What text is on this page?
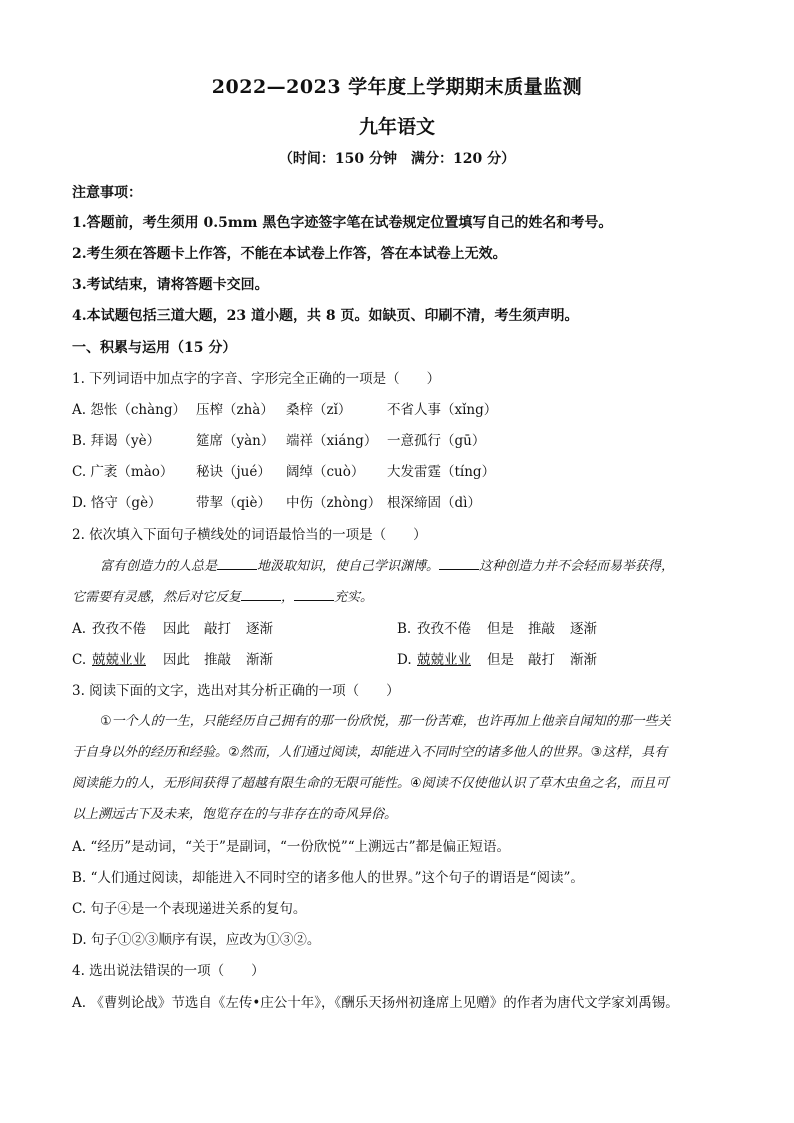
2022—2023 学年度上学期期末质量监测
九年语文
（时间：150 分钟　满分：120 分）
注意事项：
1.答题前，考生须用 0.5mm 黑色字迹签字笔在试卷规定位置填写自己的姓名和考号。
2.考生须在答题卡上作答，不能在本试卷上作答，答在本试卷上无效。
3.考试结束，请将答题卡交回。
4.本试题包括三道大题，23 道小题，共 8 页。如缺页、印刷不清，考生须声明。
一、积累与运用（15 分）
1. 下列词语中加点字的字音、字形完全正确的一项是（　　）
A. 怨怅（chàng） 压榨（zhà） 桑梓（zǐ）	不省人事（xǐng）
B. 拜谒（yè）	筵席（yàn） 端祥（xiáng） 一意孤行（gū）
C. 广袤（mào） 秘诀（jué） 阔绰（cuò） 大发雷霆（tíng）
D. 恪守（gè）	带挈（qiè） 中伤（zhòng） 根深缔固（dì）
2. 依次填入下面句子横线处的词语最恰当的一项是（　　）
富有创造力的人总是	地汲取知识，使自己学识渊博。	这种创造力并不会轻而易举获得，
它需要有灵感，然后对它反复	，	充实。
A. 孜孜不倦 因此 敲打 逐渐	B. 孜孜不倦 但是 推敲 逐渐
C. 兢兢业业 因此 推敲 渐渐	D. 兢兢业业 但是 敲打 渐渐
3. 阅读下面的文字，选出对其分析正确的一项（　　）
①一个人的一生，只能经历自己拥有的那一份欣悦，那一份苦难，也许再加上他亲自闻知的那一些关
于自身以外的经历和经验。②然而，人们通过阅读，却能进入不同时空的诸多他人的世界。③这样，具有
阅读能力的人，无形间获得了超越有限生命的无限可能性。④阅读不仅使他认识了草木虫鱼之名，而且可
以上溯远古下及未来，饱览存在的与非存在的奇风异俗。
A. “经历”是动词，“关于”是副词，“一份欣悦”“上溯远古”都是偏正短语。
B. “人们通过阅读，却能进入不同时空的诸多他人的世界。”这个句子的谓语是“阅读”。
C. 句子④是一个表现递进关系的复句。
D. 句子①②③顺序有误，应改为①③②。
4. 选出说法错误的一项（　　）
A. 《曹刿论战》节选自《左传•庄公十年》，《酬乐天扬州初逢席上见赠》的作者为唐代文学家刘禹锡。
